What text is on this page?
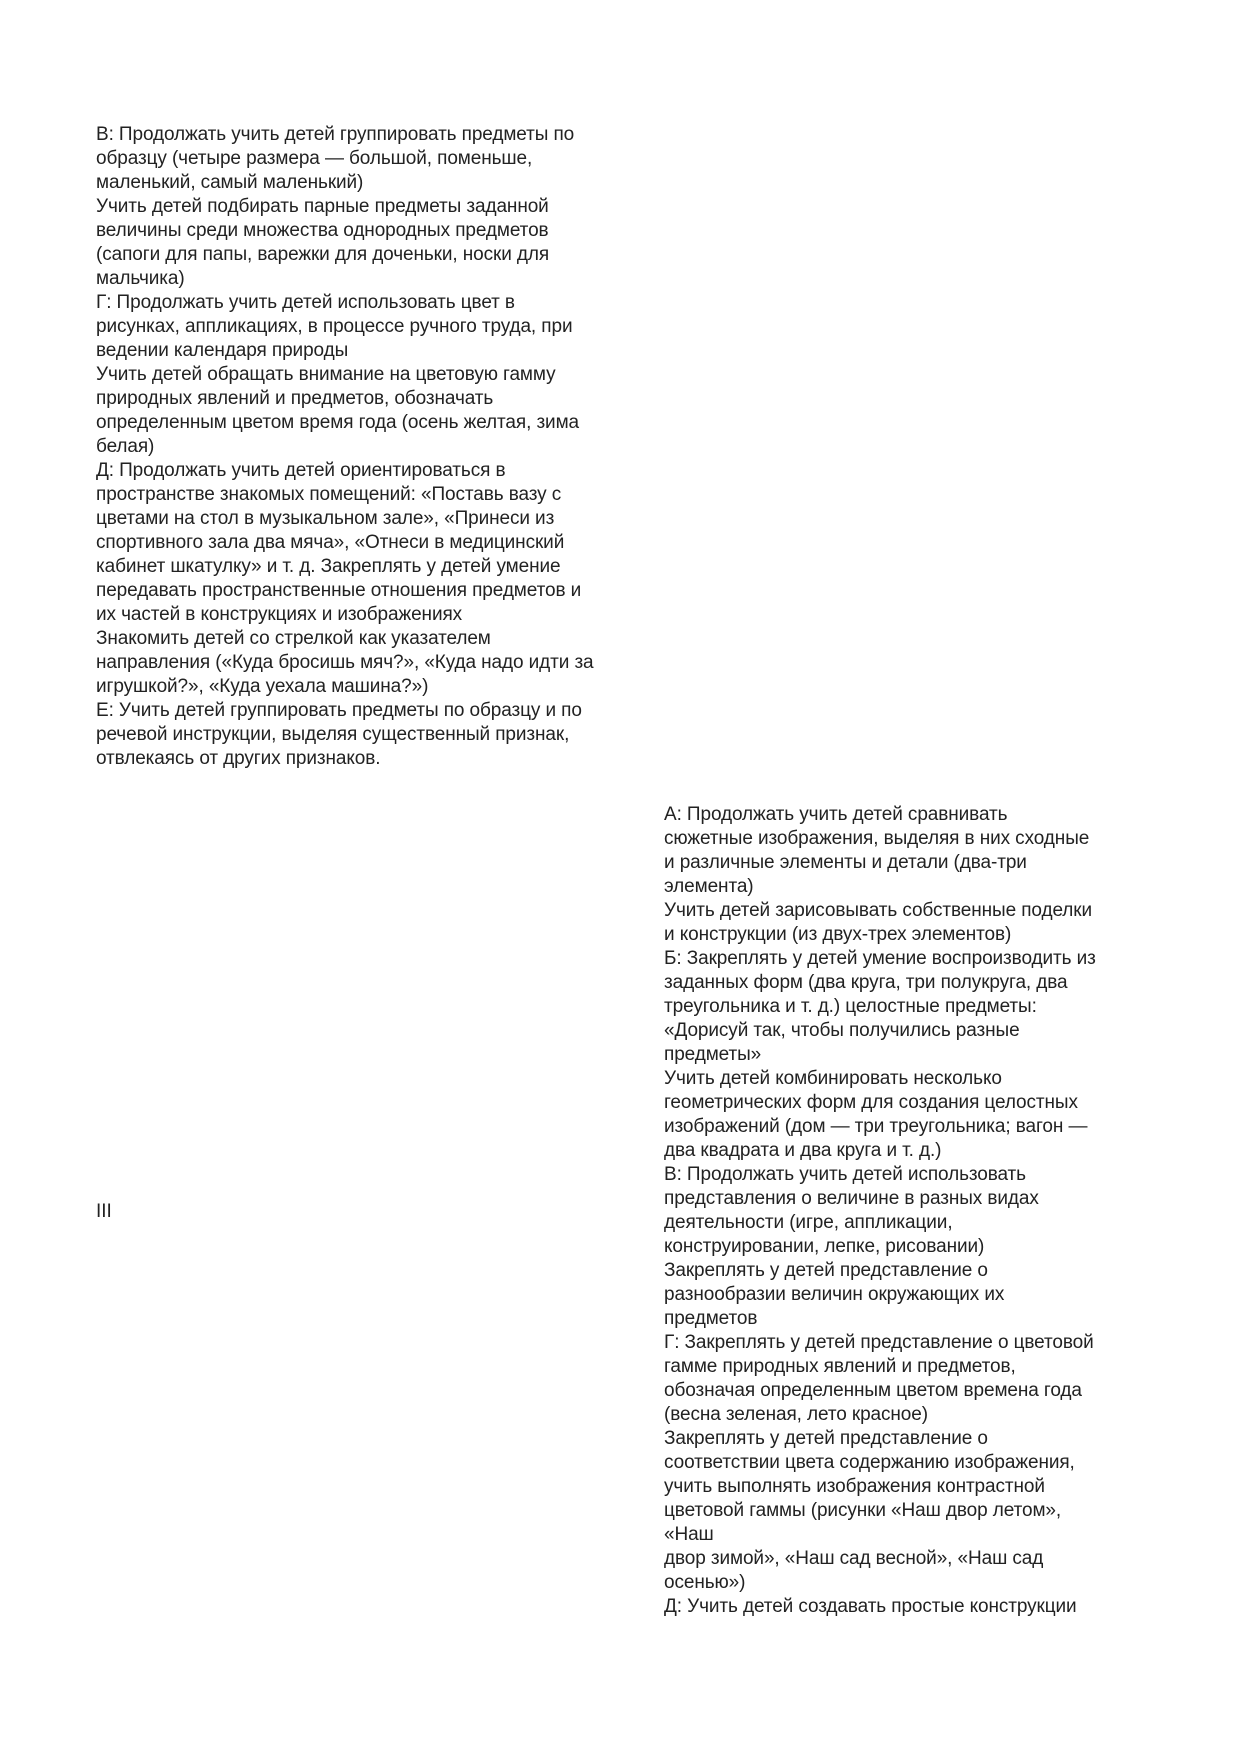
В: Продолжать учить детей группировать предметы по
образцу (четыре размера — большой, поменьше,
маленький, самый маленький)
Учить детей подбирать парные предметы заданной
величины среди множества однородных предметов
(сапоги для папы, варежки для доченьки, носки для
мальчика)
Г: Продолжать учить детей использовать цвет в
рисунках, аппликациях, в процессе ручного труда, при
ведении календаря природы
Учить детей обращать внимание на цветовую гамму
природных явлений и предметов, обозначать
определенным цветом время года (осень желтая, зима
белая)
Д: Продолжать учить детей ориентироваться в
пространстве знакомых помещений: «Поставь вазу с
цветами на стол в музыкальном зале», «Принеси из
спортивного зала два мяча», «Отнеси в медицинский
кабинет шкатулку» и т. д. Закреплять у детей умение
передавать пространственные отношения предметов и
их частей в конструкциях и изображениях
Знакомить детей со стрелкой как указателем
направления («Куда бросишь мяч?», «Куда надо идти за
игрушкой?», «Куда уехала машина?»)
Е: Учить детей группировать предметы по образцу и по
речевой инструкции, выделяя существенный признак,
отвлекаясь от других признаков.
III
А: Продолжать учить детей сравнивать
сюжетные изображения, выделяя в них сходные
и различные элементы и детали (два-три
элемента)
Учить детей зарисовывать собственные поделки
и конструкции (из двух-трех элементов)
Б: Закреплять у детей умение воспроизводить из
заданных форм (два круга, три полукруга, два
треугольника и т. д.) целостные предметы:
«Дорисуй так, чтобы получились разные
предметы»
Учить детей комбинировать несколько
геометрических форм для создания целостных
изображений (дом — три треугольника; вагон —
два квадрата и два круга и т. д.)
В: Продолжать учить детей использовать
представления о величине в разных видах
деятельности (игре, аппликации,
конструировании, лепке, рисовании)
Закреплять у детей представление о
разнообразии величин окружающих их
предметов
Г: Закреплять у детей представление о цветовой
гамме природных явлений и предметов,
обозначая определенным цветом времена года
(весна зеленая, лето красное)
Закреплять у детей представление о
соответствии цвета содержанию изображения,
учить выполнять изображения контрастной
цветовой гаммы (рисунки «Наш двор летом»,
«Наш
двор зимой», «Наш сад весной», «Наш сад
осенью»)
Д: Учить детей создавать простые конструкции
